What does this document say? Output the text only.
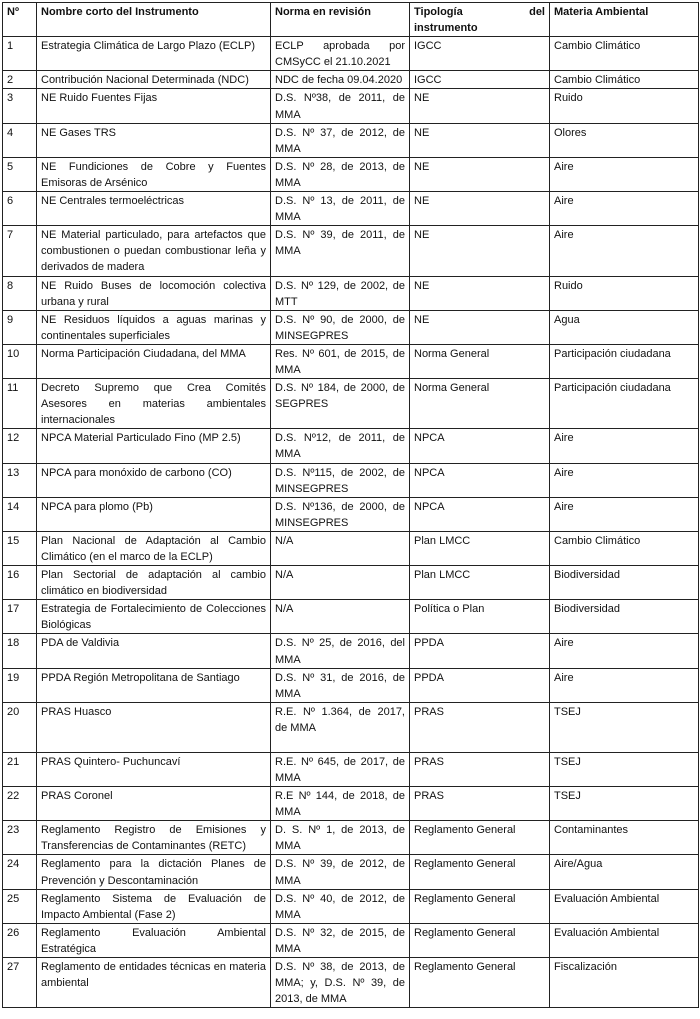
Nº	Nombre corto del Instrumento	Norma en revisión	Tipología del instrumento	Materia Ambiental
1	Estrategia Climática de Largo Plazo (ECLP)	ECLP aprobada por CMSyCC el 21.10.2021	IGCC	Cambio Climático
2	Contribución Nacional Determinada (NDC)	NDC de fecha 09.04.2020	IGCC	Cambio Climático
3	NE Ruido Fuentes Fijas	D.S. Nº38, de 2011, de MMA	NE	Ruido
4	NE Gases TRS	D.S. Nº 37, de 2012, de MMA	NE	Olores
5	NE Fundiciones de Cobre y Fuentes Emisoras de Arsénico	D.S. Nº 28, de 2013, de MMA	NE	Aire
6	NE Centrales termoeléctricas	D.S. Nº 13, de 2011, de MMA	NE	Aire
7	NE Material particulado, para artefactos que combustionen o puedan combustionar leña y derivados de madera	D.S. Nº 39, de 2011, de MMA	NE	Aire
8	NE Ruido Buses de locomoción colectiva urbana y rural	D.S. Nº 129, de 2002, de MTT	NE	Ruido
9	NE Residuos líquidos a aguas marinas y continentales superficiales	D.S. Nº 90, de 2000, de MINSEGPRES	NE	Agua
10	Norma Participación Ciudadana, del MMA	Res. Nº 601, de 2015, de MMA	Norma General	Participación ciudadana
11	Decreto Supremo que Crea Comités Asesores en materias ambientales internacionales	D.S. Nº 184, de 2000, de SEGPRES	Norma General	Participación ciudadana
12	NPCA Material Particulado Fino (MP 2.5)	D.S. Nº12, de 2011, de MMA	NPCA	Aire
13	NPCA para monóxido de carbono (CO)	D.S. Nº115, de 2002, de MINSEGPRES	NPCA	Aire
14	NPCA para plomo (Pb)	D.S. Nº136, de 2000, de MINSEGPRES	NPCA	Aire
15	Plan Nacional de Adaptación al Cambio Climático (en el marco de la ECLP)	N/A	Plan LMCC	Cambio Climático
16	Plan Sectorial de adaptación al cambio climático en biodiversidad	N/A	Plan LMCC	Biodiversidad
17	Estrategia de Fortalecimiento de Colecciones Biológicas	N/A	Política o Plan	Biodiversidad
18	PDA de Valdivia	D.S. Nº 25, de 2016, del MMA	PPDA	Aire
19	PPDA Región Metropolitana de Santiago	D.S. Nº 31, de 2016, de MMA	PPDA	Aire
20	PRAS Huasco	R.E. Nº 1.364, de 2017, de MMA	PRAS	TSEJ
21	PRAS Quintero- Puchuncaví	R.E. Nº 645, de 2017, de MMA	PRAS	TSEJ
22	PRAS Coronel	R.E Nº 144, de 2018, de MMA	PRAS	TSEJ
23	Reglamento Registro de Emisiones y Transferencias de Contaminantes (RETC)	D. S. Nº 1, de 2013, de MMA	Reglamento General	Contaminantes
24	Reglamento para la dictación Planes de Prevención y Descontaminación	D.S. Nº 39, de 2012, de MMA	Reglamento General	Aire/Agua
25	Reglamento Sistema de Evaluación de Impacto Ambiental (Fase 2)	D.S. Nº 40, de 2012, de MMA	Reglamento General	Evaluación Ambiental
26	Reglamento Evaluación Ambiental Estratégica	D.S. Nº 32, de 2015, de MMA	Reglamento General	Evaluación Ambiental
27	Reglamento de entidades técnicas en materia ambiental	D.S. Nº 38, de 2013, de MMA; y, D.S. Nº 39, de 2013, de MMA	Reglamento General	Fiscalización
